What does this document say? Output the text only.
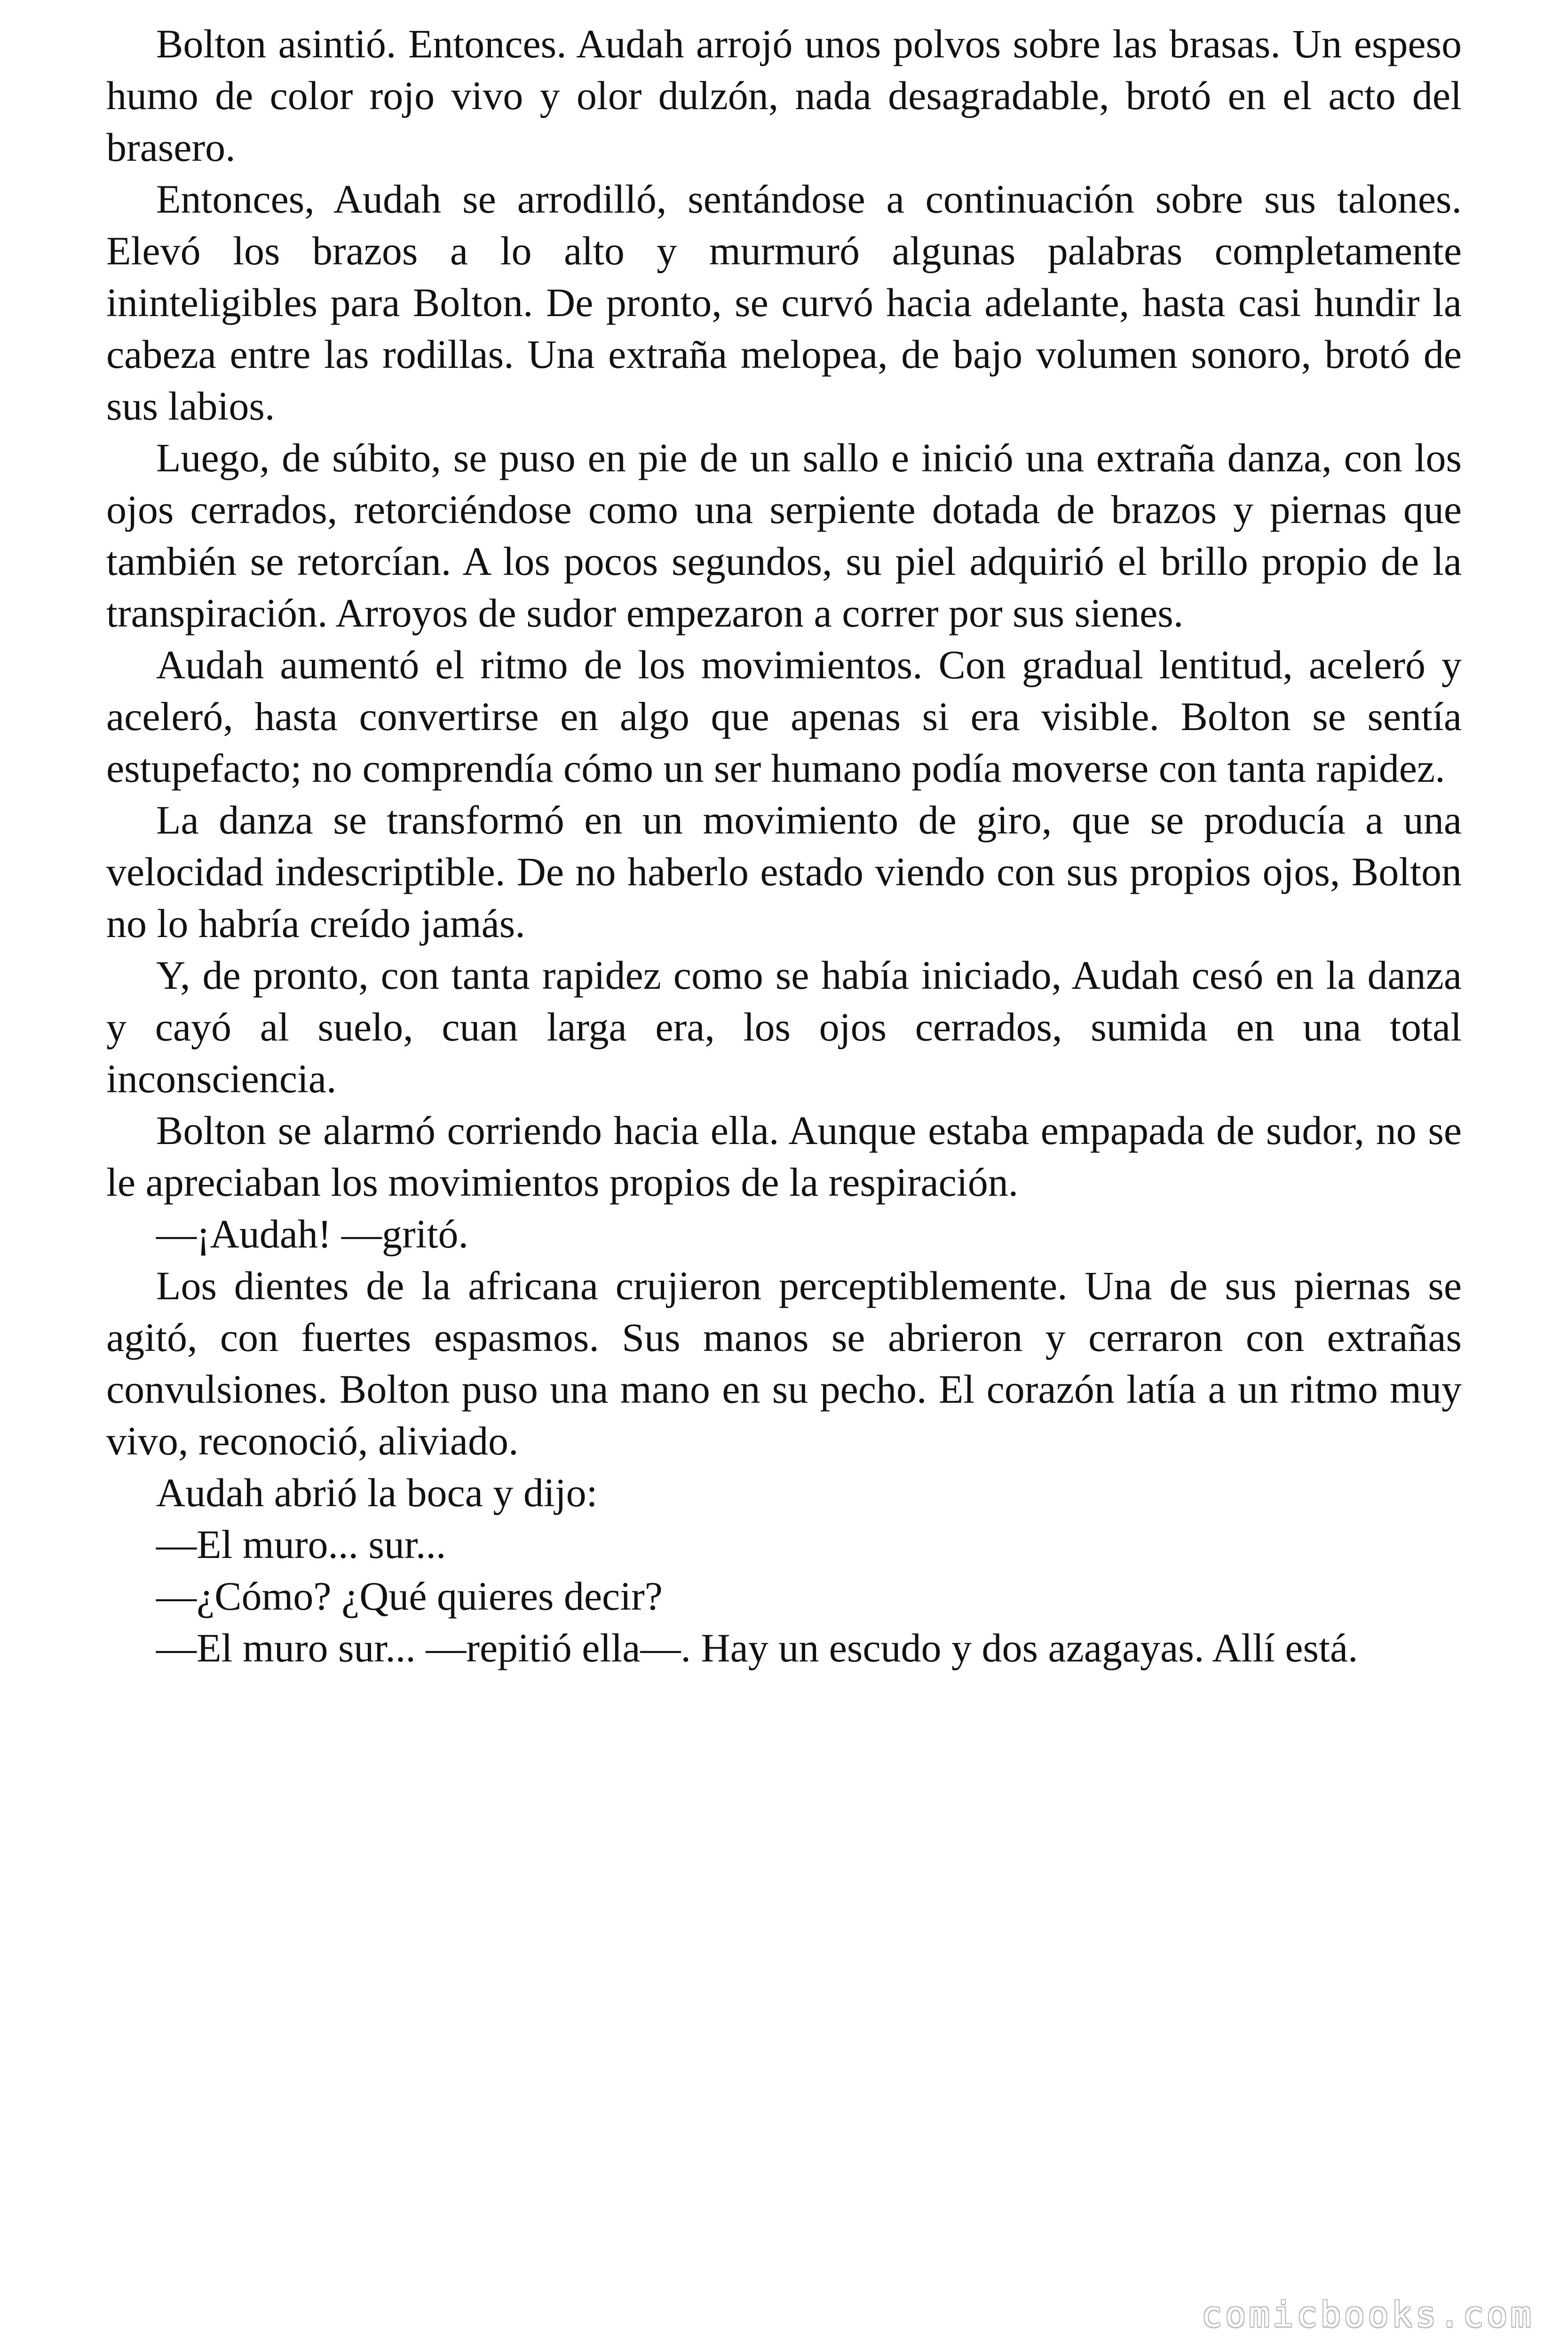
Bolton asintió. Entonces. Audah arrojó unos polvos sobre las brasas. Un espeso humo de color rojo vivo y olor dulzón, nada desagradable, brotó en el acto del brasero.

Entonces, Audah se arrodilló, sentándose a continuación sobre sus talones. Elevó los brazos a lo alto y murmuró algunas palabras completamente ininteligibles para Bolton. De pronto, se curvó hacia adelante, hasta casi hundir la cabeza entre las rodillas. Una extraña melopea, de bajo volumen sonoro, brotó de sus labios.

Luego, de súbito, se puso en pie de un sallo e inició una extraña danza, con los ojos cerrados, retorciéndose como una serpiente dotada de brazos y piernas que también se retorcían. A los pocos segundos, su piel adquirió el brillo propio de la transpiración. Arroyos de sudor empezaron a correr por sus sienes.

Audah aumentó el ritmo de los movimientos. Con gradual lentitud, aceleró y aceleró, hasta convertirse en algo que apenas si era visible. Bolton se sentía estupefacto; no comprendía cómo un ser humano podía moverse con tanta rapidez.

La danza se transformó en un movimiento de giro, que se producía a una velocidad indescriptible. De no haberlo estado viendo con sus propios ojos, Bolton no lo habría creído jamás.

Y, de pronto, con tanta rapidez como se había iniciado, Audah cesó en la danza y cayó al suelo, cuan larga era, los ojos cerrados, sumida en una total inconsciencia.

Bolton se alarmó corriendo hacia ella. Aunque estaba empapada de sudor, no se le apreciaban los movimientos propios de la respiración.

—¡Audah! —gritó.

Los dientes de la africana crujieron perceptiblemente. Una de sus piernas se agitó, con fuertes espasmos. Sus manos se abrieron y cerraron con extrañas convulsiones. Bolton puso una mano en su pecho. El corazón latía a un ritmo muy vivo, reconoció, aliviado.

Audah abrió la boca y dijo:

—El muro... sur...

—¿Cómo? ¿Qué quieres decir?

—El muro sur... —repitió ella—. Hay un escudo y dos azagayas. Allí está.

comicbooks.com
